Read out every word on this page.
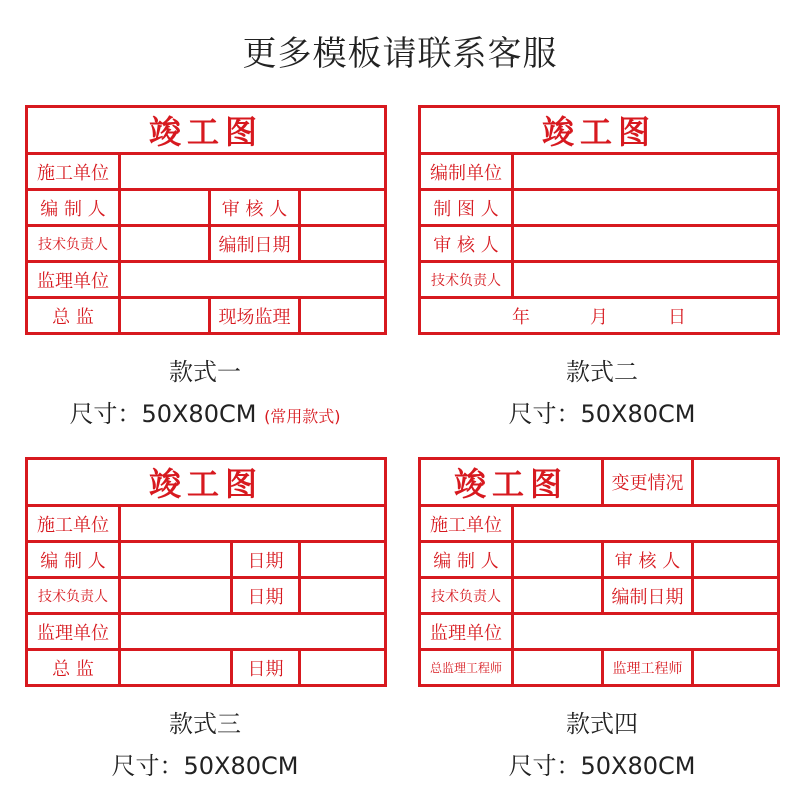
更多模板请联系客服
竣工图
施工单位
编 制 人	审 核 人
技术负责人	编制日期
监理单位
总 监	现场监理
款式一
尺寸：50X80CM (常用款式)
竣工图
编制单位
制 图 人
审 核 人
技术负责人
年	月	日
款式二
尺寸：50X80CM
竣工图
施工单位
编 制 人	日期
技术负责人	日期
监理单位
总 监	日期
款式三
尺寸：50X80CM
竣工图	变更情况
施工单位
编 制 人	审 核 人
技术负责人	编制日期
监理单位
总监理工程师	监理工程师
款式四
尺寸：50X80CM
